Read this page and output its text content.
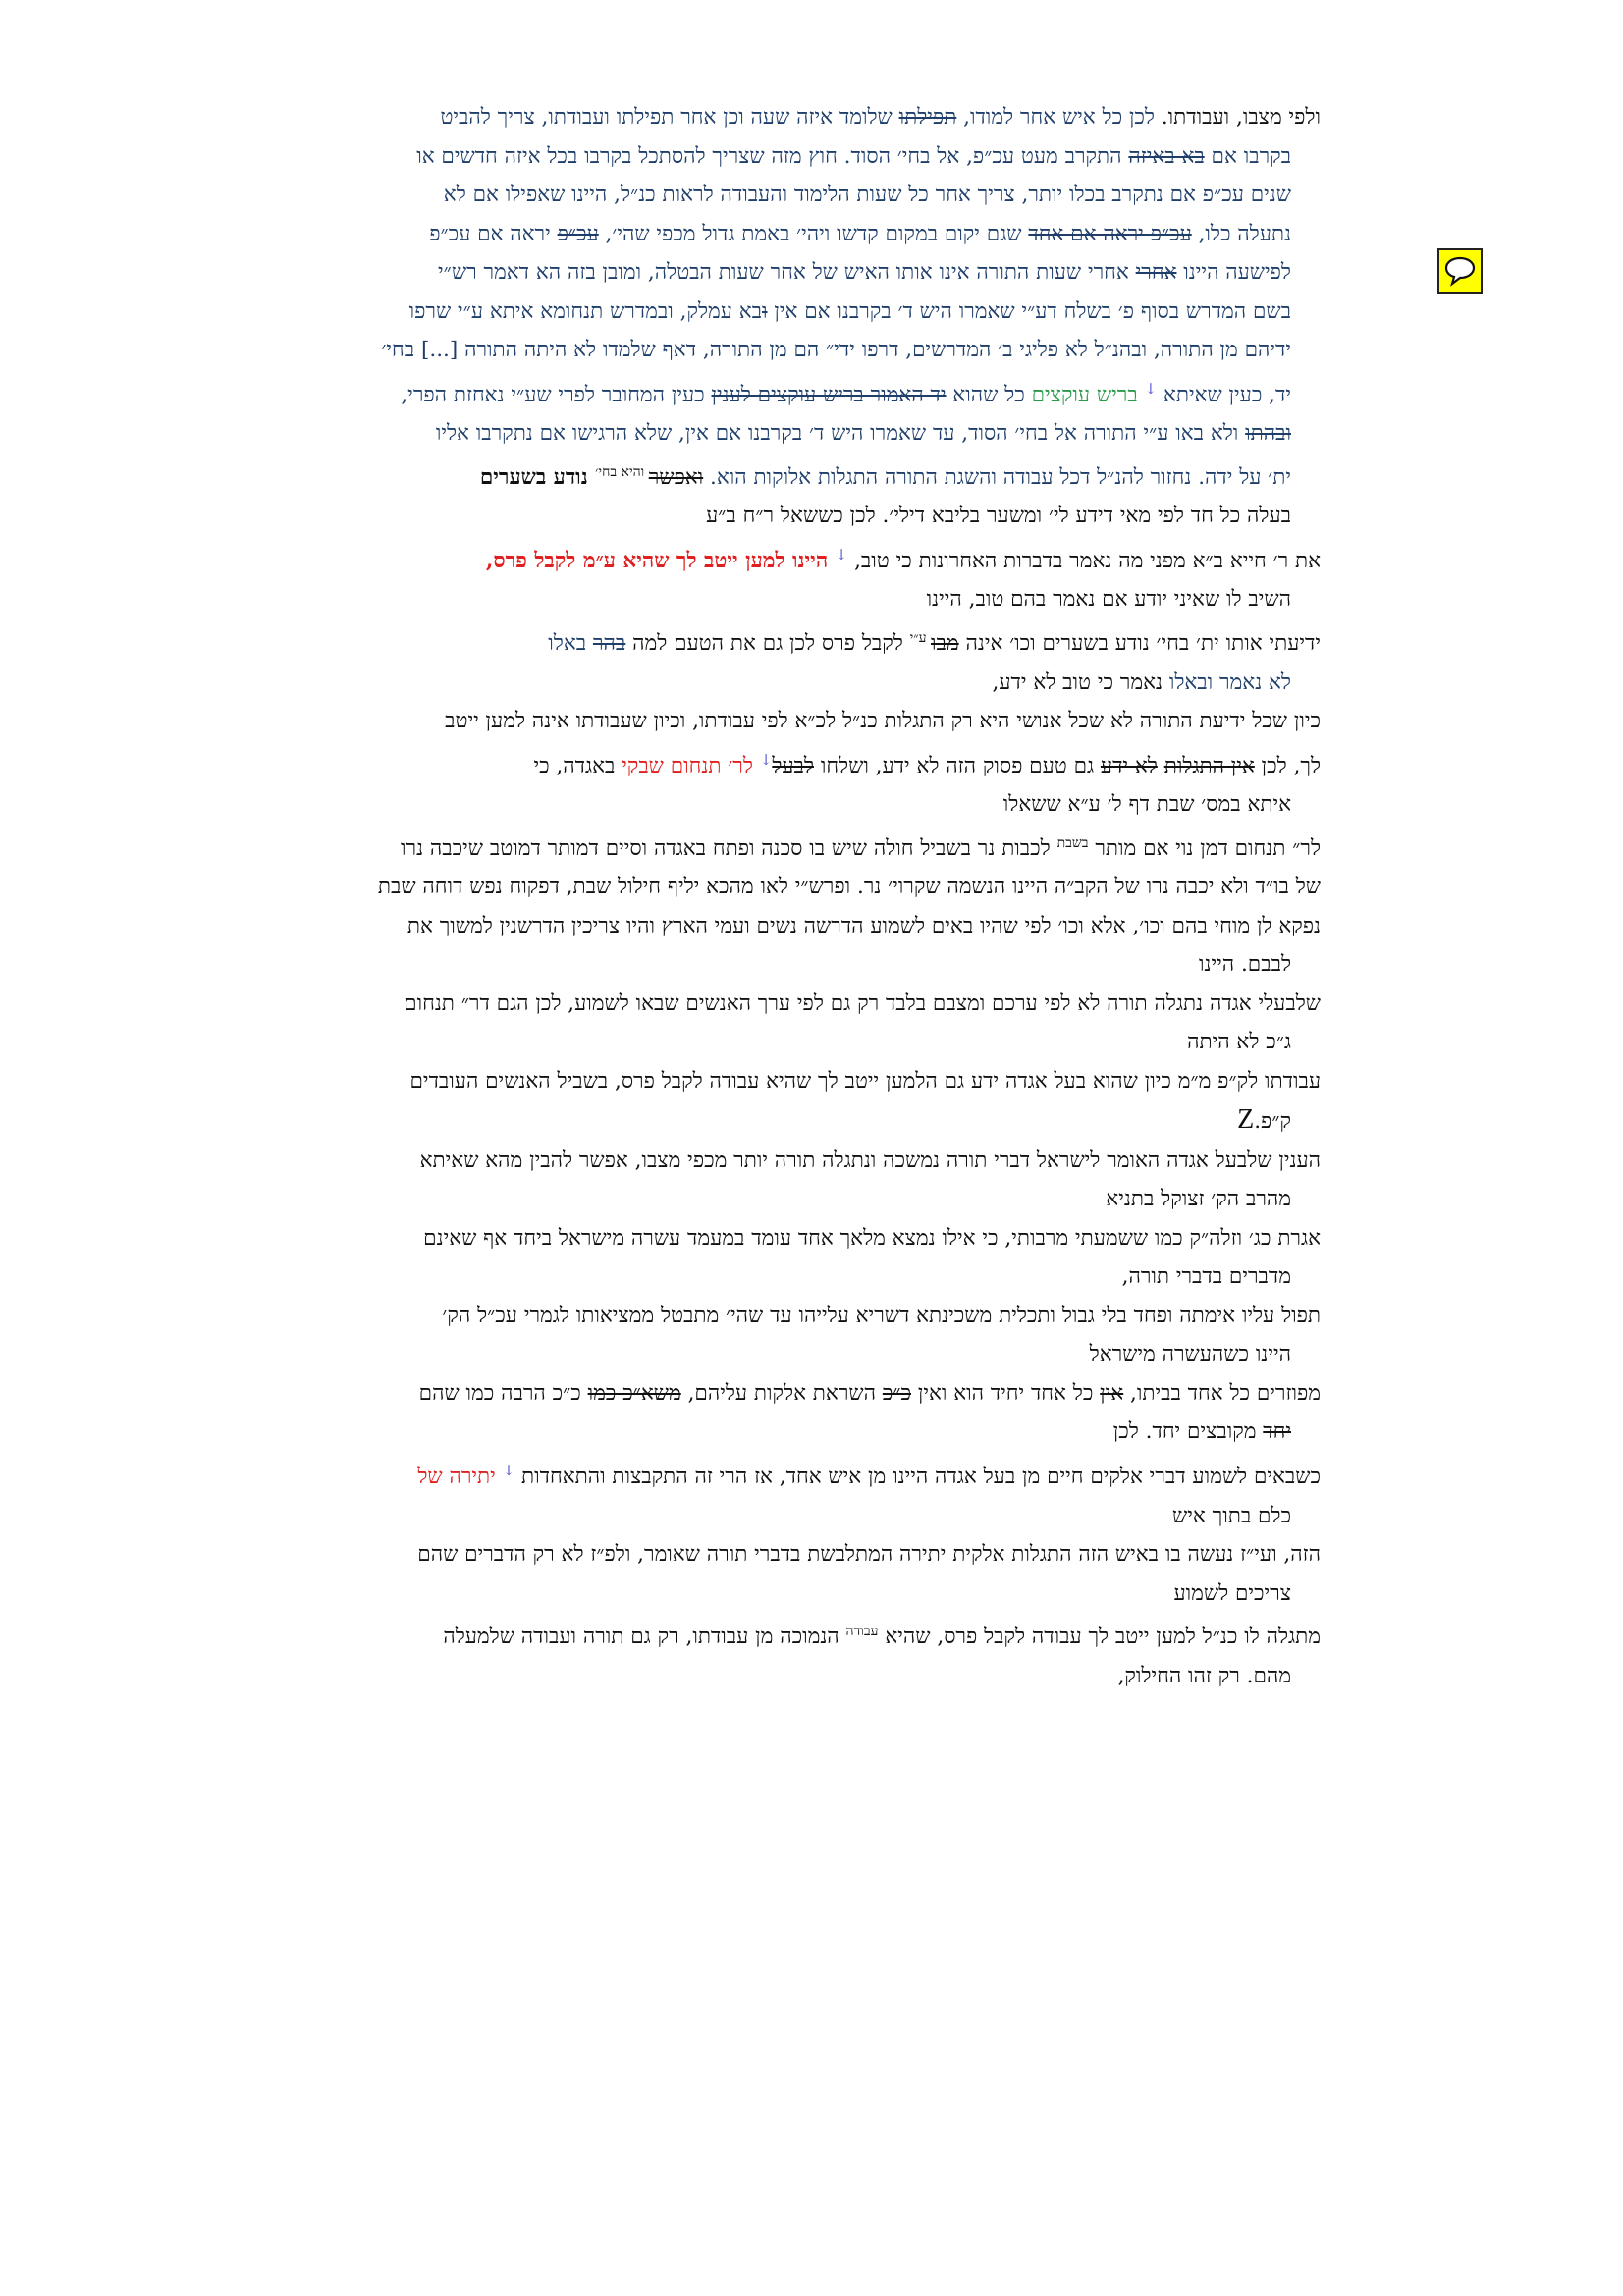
ולפי מצבו, ועבודתו. לכן כל איש אחר למודו, תפילתו שלומד איזה שעה וכן אחר תפילתו ועבודתו, צריך להביט
בקרבו אם בא באיזה התקרב מעט עכ״פ, אל בחי׳ הסוד. חוץ מזה שצריך להסתכל בקרבו בכל איזה חדשים או
שנים עכ״פ אם נתקרב בכלו יותר, צריך אחר כל שעות הלימוד והעבודה לראות כנ״ל, היינו שאפילו אם לא
נתעלה כלו, עכ״פ יראה אם אחד שגם יקום במקום קדשו ויהי׳ באמת גדול מכפי שהי׳, עכ״פ יראה אם עכ״פ
לפישעה היינו אחרי אחרי שעות התורה אינו אותו האיש של אחר שעות הבטלה, ומובן בזה הא דאמר רש״י
בשם המדרש בסוף פ׳ בשלח דע״י שאמרו היש ד׳ בקרבנו אם אין ובא עמלק, ובמדרש תנחומא איתא ע״י שרפו
ידיהם מן התורה, ובהנ״ל לא פליגי ב׳ המדרשים, דרפו ידי״ הם מן התורה, דאף שלמדו לא היתה התורה [...] בחי׳
יד, כעין שאיתא ↓ בריש עוקצים כל שהוא יד האמור בריש עוקצים לענין כעין המחובר לפרי שע״י נאחזת הפרי,
ובהתו ולא באו ע״י התורה אל בחי׳ הסוד, עד שאמרו היש ד׳ בקרבנו אם אין, שלא הרגישו אם נתקרבו אליו
ית׳ על ידה. נחזור להנ״ל דכל עבודה והשגת התורה התגלות אלוקות הוא. ואפשר $^{והיא בחי׳}$ נודע בשערים
בעלה כל חד לפי מאי דידע לי׳ ומשער בליבא דילי׳. לכן כששאל ר״ח ב״ע
את ר׳ חייא ב״א מפני מה נאמר בדברות האחרונות כי טוב, ↓ היינו למען ייטב לך שהיא ע״מ לקבל פרס,
השיב לו שאיני יודע אם נאמר בהם טוב, היינו
ידיעתי אותו ית׳ בחי׳ נודע בשערים וכו׳ אינה מבו $^{ע״י}$ לקבל פרס לכן גם את הטעם למה בהר באלו
לא נאמר ובאלו נאמר כי טוב לא ידע,
כיון שכל ידיעת התורה לא שכל אנושי היא רק התגלות כנ״ל לכ״א לפי עבודתו, וכיון שעבודתו אינה למען ייטב
לך, לכן אין התגלות לא ידע גם טעם פסוק הזה לא ידע, ושלחו לבעל↓ לר׳ תנחום שבקי באגדה, כי
איתא במס׳ שבת דף ל׳ ע״א ששאלו
לר״ תנחום דמן נוי אם מותר $^{בשבת}$ לכבות נר בשביל חולה שיש בו סכנה ופתח באגדה וסיים דמותר דמוטב שיכבה נרו
של בו״ד ולא יכבה נרו של הקב״ה היינו הנשמה שקרוי׳ נר. ופרש״י לאו מהכא יליף חילול שבת, דפקוח נפש דוחה שבת
נפקא לן מוחי בהם וכו׳, אלא וכו׳ לפי שהיו באים לשמוע הדרשה נשים ועמי הארץ והיו צריכין הדרשנין למשוך את
לבבם. היינו
שלבעלי אגדה נתגלה תורה לא לפי ערכם ומצבם בלבד רק גם לפי ערך האנשים שבאו לשמוע, לכן הגם דר״ תנחום
ג״כ לא היתה
עבודתו לק״פ מ״מ כיון שהוא בעל אגדה ידע גם הלמען ייטב לך שהיא עבודה לקבל פרס, בשביל האנשים העובדים
ק״פ.Z
הענין שלבעל אגדה האומר לישראל דברי תורה נמשכה ונתגלה תורה יותר מכפי מצבו, אפשר להבין מהא שאיתא
מהרב הק׳ זצוקל בתניא
אגרת כג׳ וזלה״ק כמו ששמעתי מרבותי, כי אילו נמצא מלאך אחד עומד במעמד עשרה מישראל ביחד אף שאינם
מדברים בדברי תורה,
תפול עליו אימתה ופחד בלי גבול ותכלית משכינתא דשריא עלייהו עד שהי׳ מתבטל ממציאותו לגמרי עכ״ל הק׳
היינו כשהעשרה מישראל
מפוזרים כל אחד בביתו, אין כל אחד יחיד הוא ואין כ״כ השראת אלקות עליהם, משא״כ כמו כ״כ הרבה כמו שהם
יחד מקובצים יחד. לכן
כשבאים לשמוע דברי אלקים חיים מן בעל אגדה היינו מן איש אחד, אז הרי זה התקבצות והתאחדות ↓ יתירה של
כלם בתוך איש
הזה, ועי״ז נעשה בו באיש הזה התגלות אלקית יתירה המתלבשת בדברי תורה שאומר, ולפ״ז לא רק הדברים שהם
צריכים לשמוע
מתגלה לו כנ״ל למען ייטב לך עבודה לקבל פרס, שהיא $^{עבודה}$ הנמוכה מן עבודתו, רק גם תורה ועבודה שלמעלה
מהם. רק זהו החילוק,
